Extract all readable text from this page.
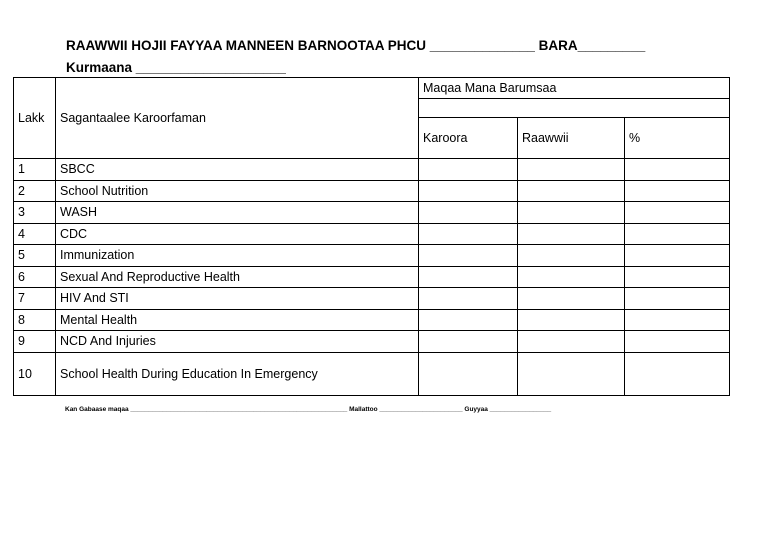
RAAWWII HOJII FAYYAA MANNEEN BARNOOTAA PHCU ______________ BARA_________
Kurmaana ____________________
Lakk	Sagantaalee Karoorfaman	Maqaa Mana Barumsaa		

		Karoora	Raawwii	%
1	SBCC			
2	School Nutrition			
3	WASH			
4	CDC			
5	Immunization			
6	Sexual And Reproductive Health			
7	HIV And STI			
8	Mental Health			
9	NCD And Injuries			
10	School Health During Education In Emergency			
Kan Gabaase maqaa ____________________________________________________________ Mallattoo _______________________ Guyyaa _________________
